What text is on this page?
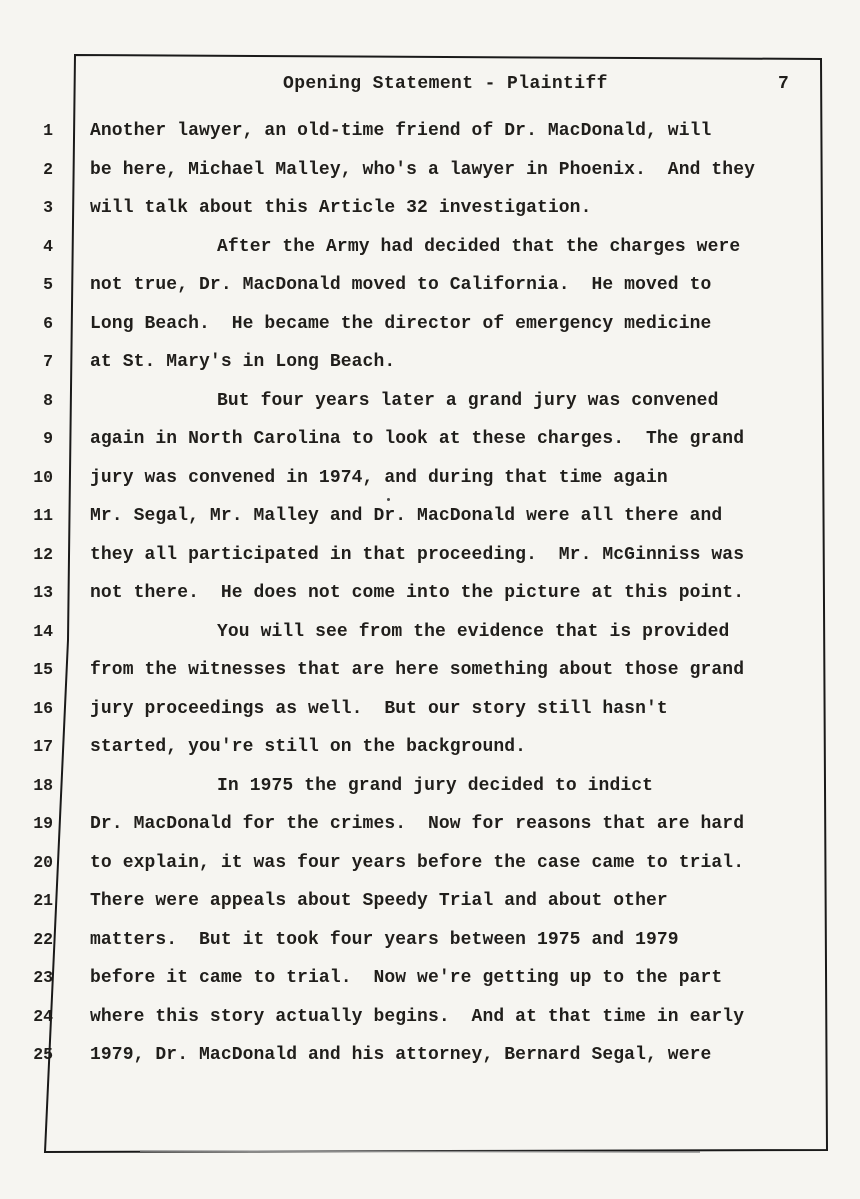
Opening Statement - Plaintiff	7
1 Another lawyer, an old-time friend of Dr. MacDonald, will
2 be here, Michael Malley, who's a lawyer in Phoenix.  And they
3 will talk about this Article 32 investigation.
4	After the Army had decided that the charges were
5 not true, Dr. MacDonald moved to California.  He moved to
6 Long Beach.  He became the director of emergency medicine
7 at St. Mary's in Long Beach.
8	But four years later a grand jury was convened
9 again in North Carolina to look at these charges.  The grand
10 jury was convened in 1974, and during that time again
11 Mr. Segal, Mr. Malley and Dr. MacDonald were all there and
12 they all participated in that proceeding.  Mr. McGinniss was
13 not there.  He does not come into the picture at this point.
14	You will see from the evidence that is provided
15 from the witnesses that are here something about those grand
16 jury proceedings as well.  But our story still hasn't
17 started, you're still on the background.
18	In 1975 the grand jury decided to indict
19 Dr. MacDonald for the crimes.  Now for reasons that are hard
20 to explain, it was four years before the case came to trial.
21 There were appeals about Speedy Trial and about other
22 matters.  But it took four years between 1975 and 1979
23 before it came to trial.  Now we're getting up to the part
24 where this story actually begins.  And at that time in early
25 1979, Dr. MacDonald and his attorney, Bernard Segal, were
